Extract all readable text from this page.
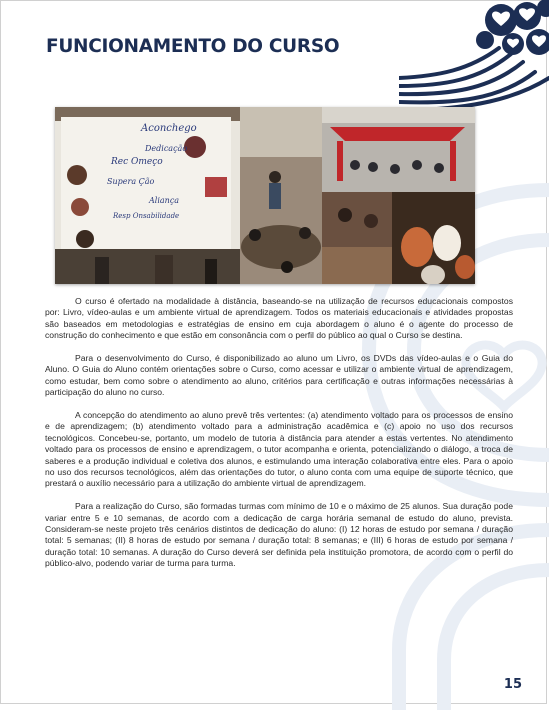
FUNCIONAMENTO DO CURSO
Aconchego
Dedicação
Rec Omeço
Supera Ção
Aliança
Resp Onsabilidade

O curso é ofertado na modalidade à distância, baseando-se na utilização de recursos educacionais compostos por: Livro, vídeo-aulas e um ambiente virtual de aprendizagem. Todos os materiais educacionais e atividades propostas são baseados em metodologias e estratégias de ensino em cuja abordagem o aluno é o agente do processo de construção do conhecimento e que estão em consonância com o perfil do público ao qual o Curso se destina.

Para o desenvolvimento do Curso, é disponibilizado ao aluno um Livro, os DVDs das vídeo-aulas e o Guia do Aluno. O Guia do Aluno contém orientações sobre o Curso, como acessar e utilizar o ambiente virtual de aprendizagem, como estudar, bem como sobre o atendimento ao aluno, critérios para certificação e outras informações necessárias à participação do aluno no curso.

A concepção do atendimento ao aluno prevê três vertentes: (a) atendimento voltado para os processos de ensino e de aprendizagem; (b) atendimento voltado para a administração acadêmica e (c) apoio no uso dos recursos tecnológicos. Concebeu-se, portanto, um modelo de tutoria à distância para atender a estas vertentes. No atendimento voltado para os processos de ensino e aprendizagem, o tutor acompanha e orienta, potencializando o diálogo, a troca de saberes e a produção individual e coletiva dos alunos, e estimulando uma interação colaborativa entre eles. Para o apoio no uso dos recursos tecnológicos, além das orientações do tutor, o aluno conta com uma equipe de suporte técnico, que prestará o auxílio necessário para a utilização do ambiente virtual de aprendizagem.

Para a realização do Curso, são formadas turmas com mínimo de 10 e o máximo de 25 alunos. Sua duração pode variar entre 5 e 10 semanas, de acordo com a dedicação de carga horária semanal de estudo do aluno, prevista. Consideram-se neste projeto três cenários distintos de dedicação do aluno: (I) 12 horas de estudo por semana / duração total: 5 semanas; (II) 8 horas de estudo por semana / duração total: 8 semanas; e (III) 6 horas de estudo por semana / duração total: 10 semanas. A duração do Curso deverá ser definida pela instituição promotora, de acordo com o perfil do público-alvo, podendo variar de turma para turma.

15
